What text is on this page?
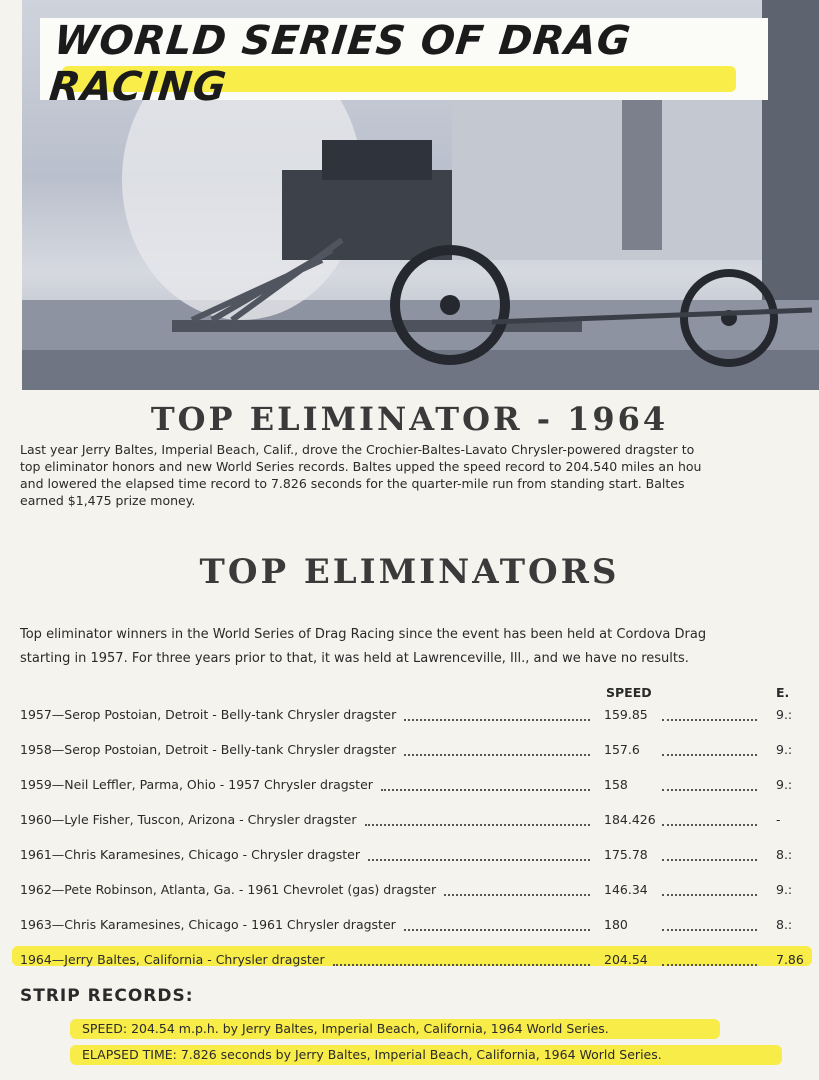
WORLD SERIES OF DRAG RACING
TOP ELIMINATOR - 1964
Last year Jerry Baltes, Imperial Beach, Calif., drove the Crochier-Baltes-Lavato Chrysler-powered dragster to
top eliminator honors and new World Series records. Baltes upped the speed record to 204.540 miles an hou
and lowered the elapsed time record to 7.826 seconds for the quarter-mile run from standing start. Baltes
earned $1,475 prize money.
TOP ELIMINATORS
Top eliminator winners in the World Series of Drag Racing since the event has been held at Cordova Drag
starting in 1957. For three years prior to that, it was held at Lawrenceville, Ill., and we have no results.
SPEED	E.
1957—Serop Postoian, Detroit - Belly-tank Chrysler dragster	159.85	9.:
1958—Serop Postoian, Detroit - Belly-tank Chrysler dragster	157.6	9.:
1959—Neil Leffler, Parma, Ohio - 1957 Chrysler dragster	158	9.:
1960—Lyle Fisher, Tuscon, Arizona - Chrysler dragster	184.426	-
1961—Chris Karamesines, Chicago - Chrysler dragster	175.78	8.:
1962—Pete Robinson, Atlanta, Ga. - 1961 Chevrolet (gas) dragster	146.34	9.:
1963—Chris Karamesines, Chicago - 1961 Chrysler dragster	180	8.:
1964—Jerry Baltes, California - Chrysler dragster	204.54	7.86
STRIP RECORDS:
SPEED: 204.54 m.p.h. by Jerry Baltes, Imperial Beach, California, 1964 World Series.
ELAPSED TIME: 7.826 seconds by Jerry Baltes, Imperial Beach, California, 1964 World Series.
